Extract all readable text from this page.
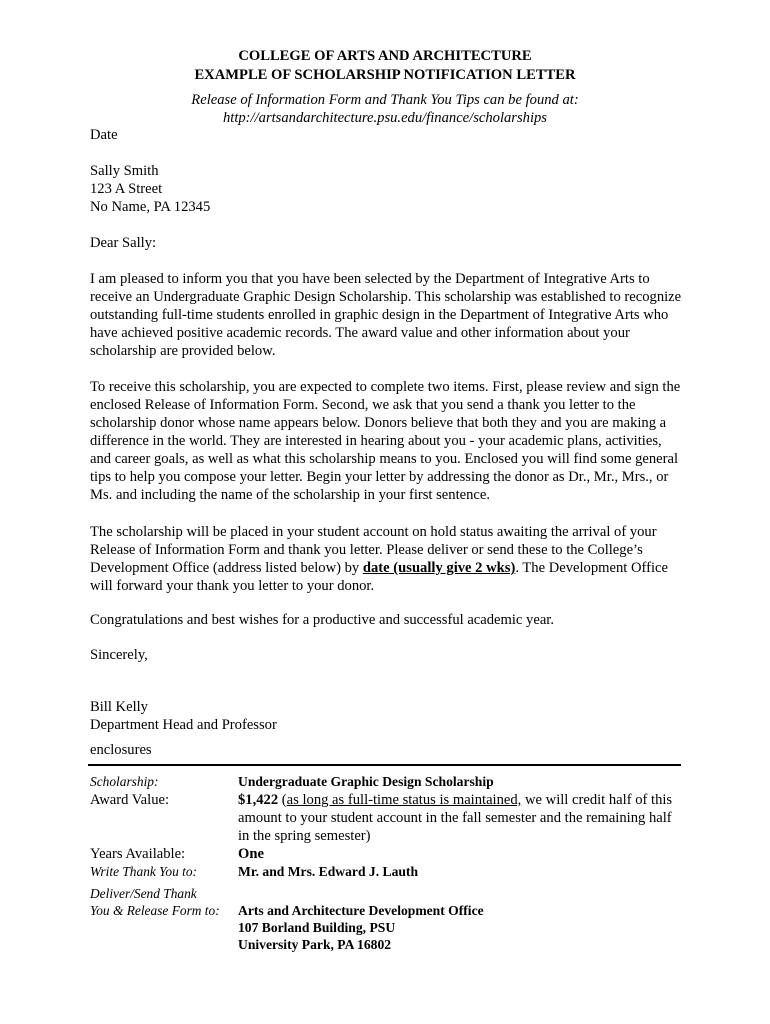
COLLEGE OF ARTS AND ARCHITECTURE
EXAMPLE OF SCHOLARSHIP NOTIFICATION LETTER
Release of Information Form and Thank You Tips can be found at:
http://artsandarchitecture.psu.edu/finance/scholarships
Date
Sally Smith
123 A Street
No Name, PA 12345
Dear Sally:

I am pleased to inform you that you have been selected by the Department of Integrative Arts to receive an Undergraduate Graphic Design Scholarship. This scholarship was established to recognize outstanding full-time students enrolled in graphic design in the Department of Integrative Arts who have achieved positive academic records. The award value and other information about your scholarship are provided below.

To receive this scholarship, you are expected to complete two items. First, please review and sign the enclosed Release of Information Form. Second, we ask that you send a thank you letter to the scholarship donor whose name appears below. Donors believe that both they and you are making a difference in the world. They are interested in hearing about you - your academic plans, activities, and career goals, as well as what this scholarship means to you. Enclosed you will find some general tips to help you compose your letter. Begin your letter by addressing the donor as Dr., Mr., Mrs., or Ms. and including the name of the scholarship in your first sentence.

The scholarship will be placed in your student account on hold status awaiting the arrival of your Release of Information Form and thank you letter. Please deliver or send these to the College’s Development Office (address listed below) by date (usually give 2 wks). The Development Office will forward your thank you letter to your donor.

Congratulations and best wishes for a productive and successful academic year.

Sincerely,
Bill Kelly
Department Head and Professor
enclosures
Scholarship:	Undergraduate Graphic Design Scholarship
Award Value:	$1,422 (as long as full-time status is maintained, we will credit half of this amount to your student account in the fall semester and the remaining half in the spring semester)

Years Available:	One
Write Thank You to:	Mr. and Mrs. Edward J. Lauth
Deliver/Send Thank
You & Release Form to:	Arts and Architecture Development Office
107 Borland Building, PSU
University Park, PA 16802
